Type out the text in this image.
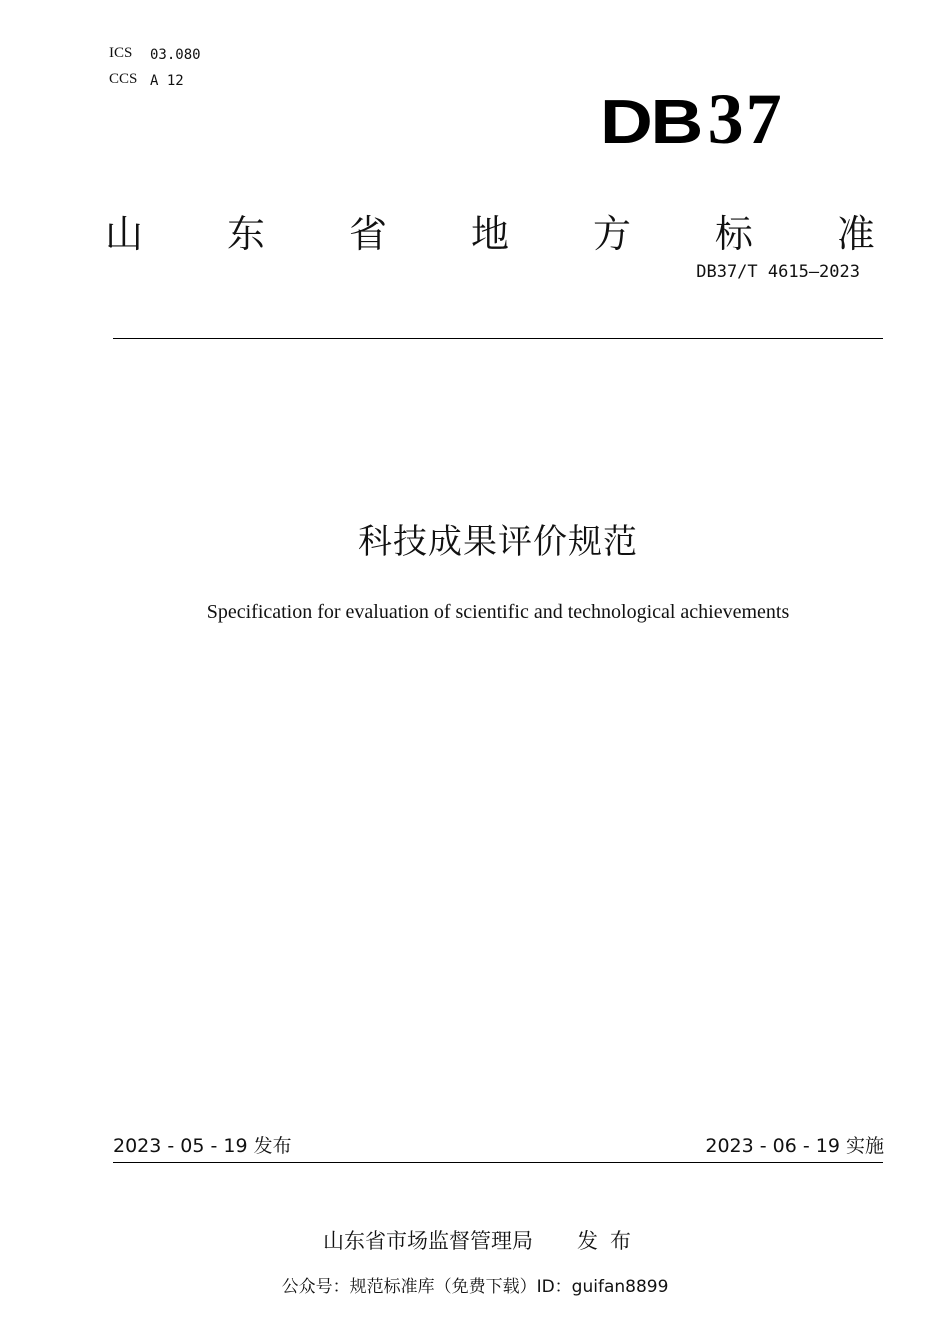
ICS 03.080
CCS A 12
DB37
山 东 省 地 方 标 准
DB37/T 4615—2023
科技成果评价规范
Specification for evaluation of scientific and technological achievements
2023 - 05 - 19 发布	2023 - 06 - 19 实施
山东省市场监督管理局 发布
公众号：规范标准库（免费下载）ID：guifan8899
